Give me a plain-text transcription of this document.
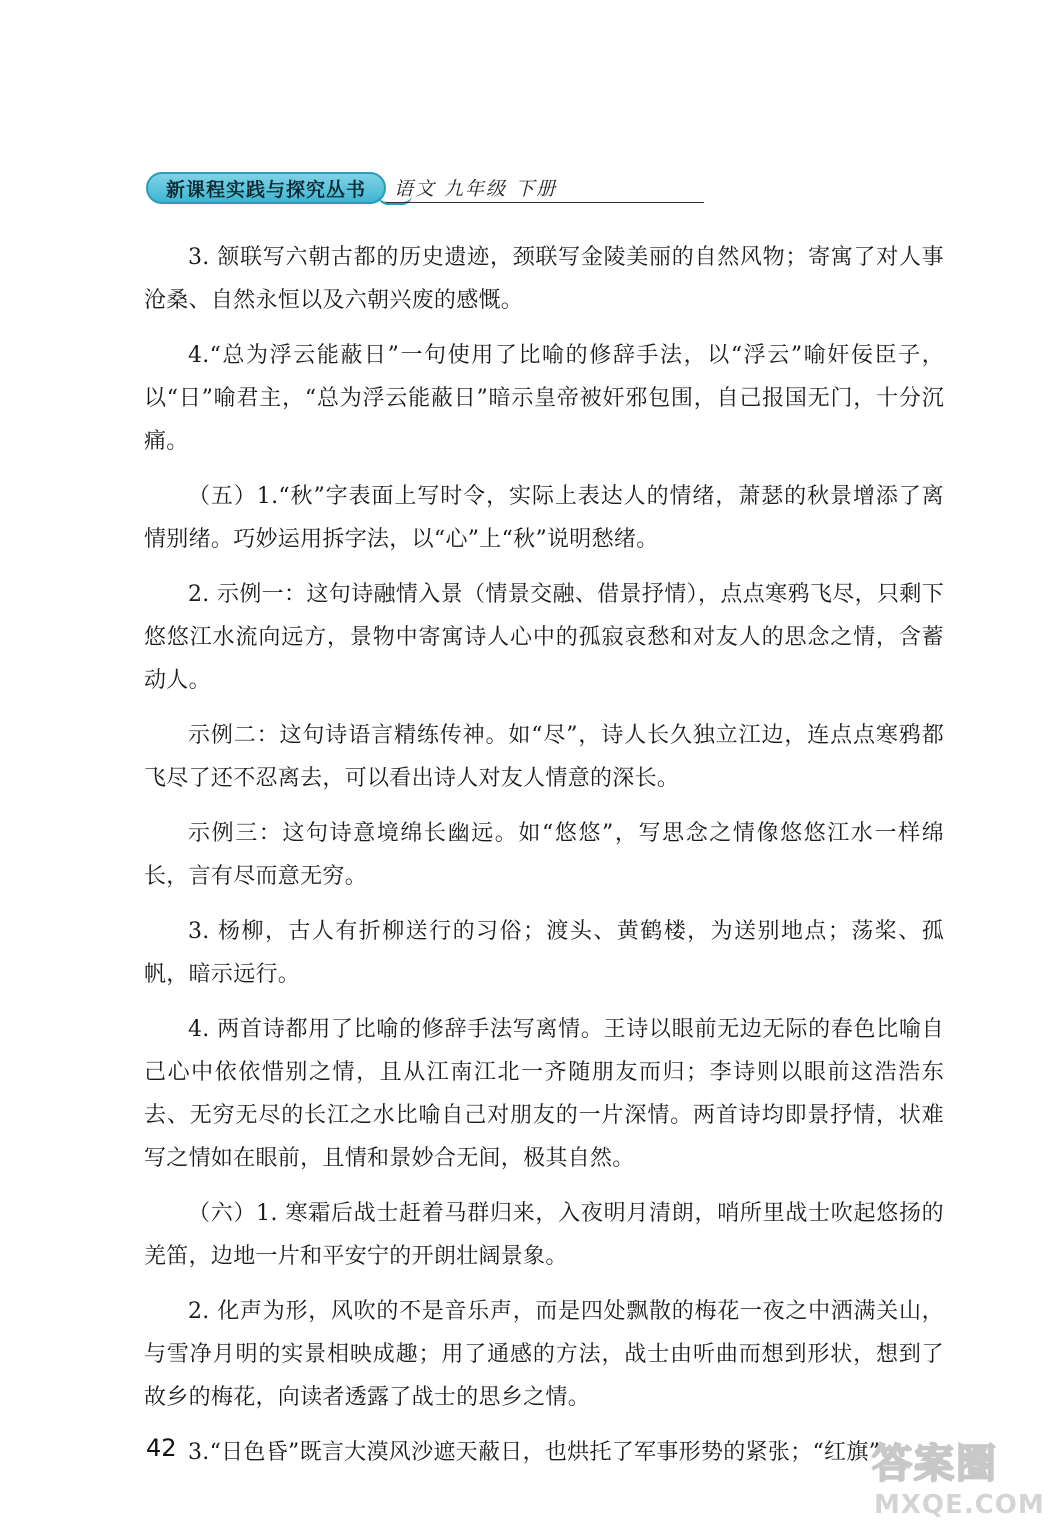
新课程实践与探究丛书 语文 九年级 下册

3. 颔联写六朝古都的历史遗迹，颈联写金陵美丽的自然风物；寄寓了对人事沧桑、自然永恒以及六朝兴废的感慨。

4.“总为浮云能蔽日”一句使用了比喻的修辞手法，以“浮云”喻奸佞臣子，以“日”喻君主，“总为浮云能蔽日”暗示皇帝被奸邪包围，自己报国无门，十分沉痛。

（五）1.“秋”字表面上写时令，实际上表达人的情绪，萧瑟的秋景增添了离情别绪。巧妙运用拆字法，以“心”上“秋”说明愁绪。

2. 示例一：这句诗融情入景（情景交融、借景抒情），点点寒鸦飞尽，只剩下悠悠江水流向远方，景物中寄寓诗人心中的孤寂哀愁和对友人的思念之情，含蓄动人。

示例二：这句诗语言精练传神。如“尽”，诗人长久独立江边，连点点寒鸦都飞尽了还不忍离去，可以看出诗人对友人情意的深长。

示例三：这句诗意境绵长幽远。如“悠悠”，写思念之情像悠悠江水一样绵长，言有尽而意无穷。

3. 杨柳，古人有折柳送行的习俗；渡头、黄鹤楼，为送别地点；荡桨、孤帆，暗示远行。

4. 两首诗都用了比喻的修辞手法写离情。王诗以眼前无边无际的春色比喻自己心中依依惜别之情，且从江南江北一齐随朋友而归；李诗则以眼前这浩浩东去、无穷无尽的长江之水比喻自己对朋友的一片深情。两首诗均即景抒情，状难写之情如在眼前，且情和景妙合无间，极其自然。

（六）1. 寒霜后战士赶着马群归来，入夜明月清朗，哨所里战士吹起悠扬的羌笛，边地一片和平安宁的开朗壮阔景象。

2. 化声为形，风吹的不是音乐声，而是四处飘散的梅花一夜之中洒满关山，与雪净月明的实景相映成趣；用了通感的方法，战士由听曲而想到形状，想到了故乡的梅花，向读者透露了战士的思乡之情。

3.“日色昏”既言大漠风沙遮天蔽日，也烘托了军事形势的紧张；“红旗”

42	答案圈
MXQE.COM
